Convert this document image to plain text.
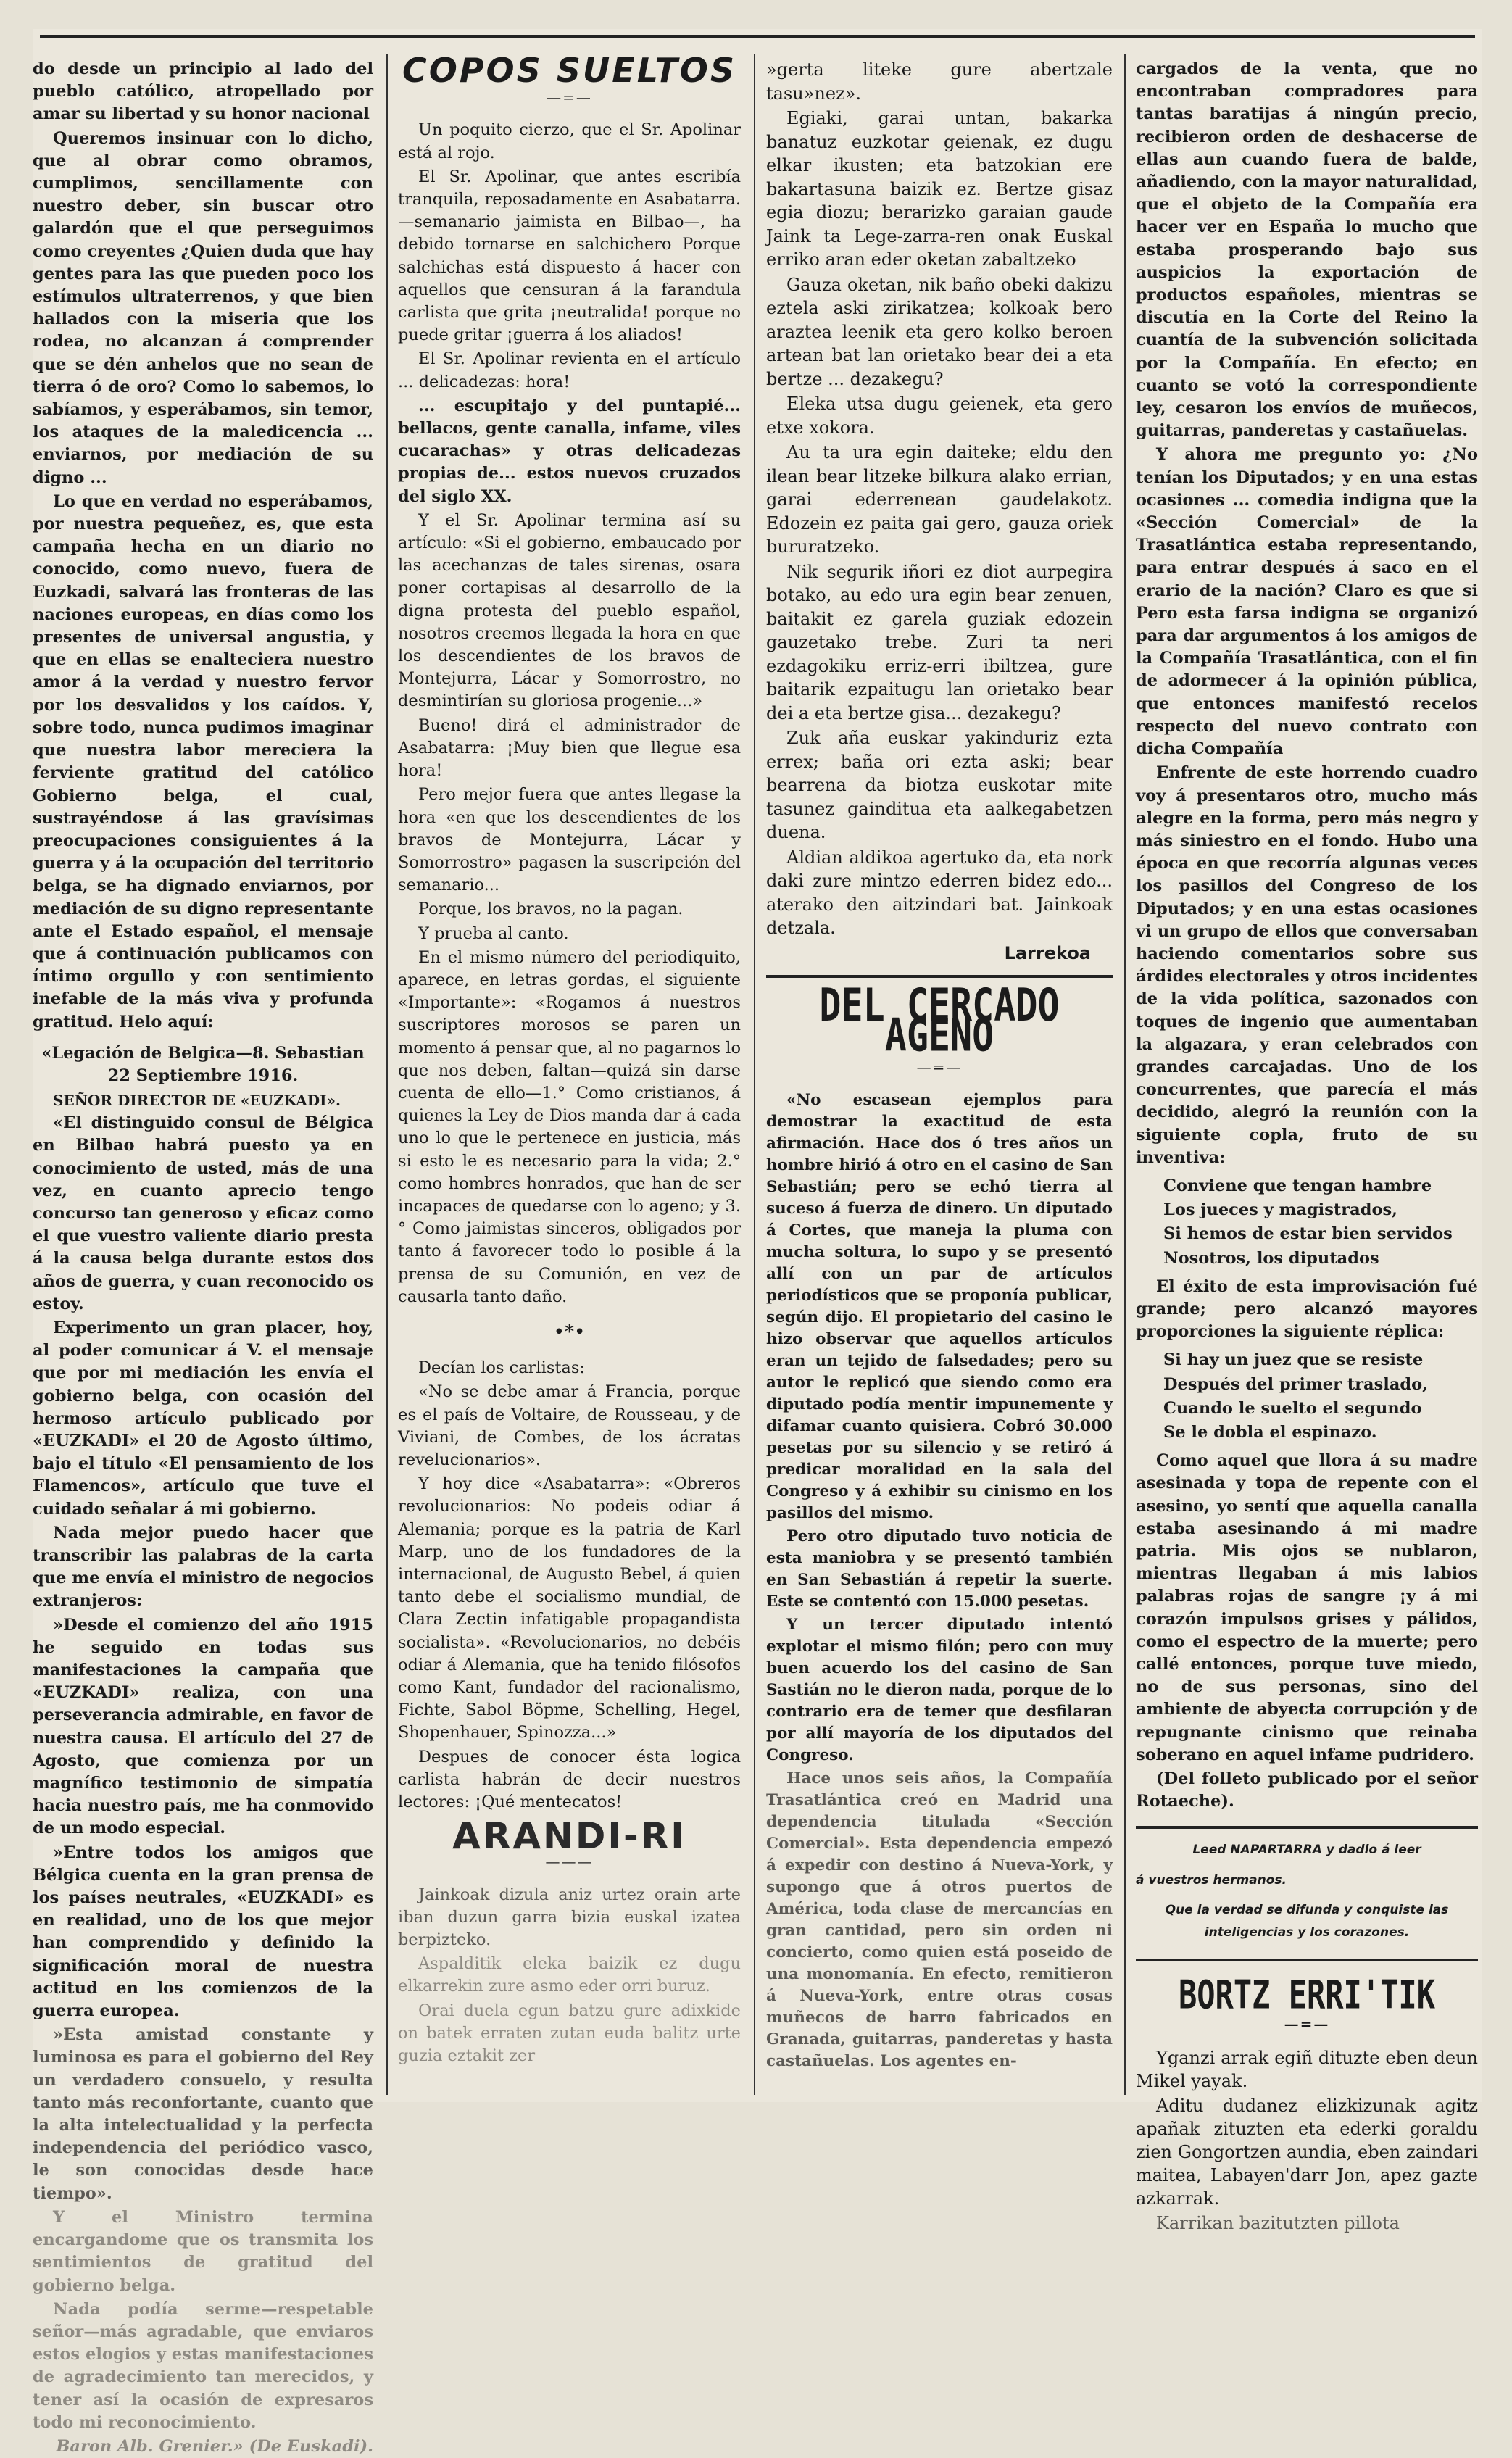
do desde un principio al lado del pueblo católico, atropellado por amar su libertad y su honor nacional

Queremos insinuar con lo dicho, que al obrar como obramos, cumplimos, sencillamente con nuestro deber, sin buscar otro galardón que el que perseguimos como creyentes ¿Quien duda que hay gentes para las que pueden poco los estímulos ultraterrenos, y que bien hallados con la miseria que los rodea, no alcanzan á comprender que se dén anhelos que no sean de tierra ó de oro? Como lo sabemos, lo sabíamos, y esperábamos, sin temor, los ataques de la maledicencia ... enviarnos, por mediación de su digno ...

Lo que en verdad no esperábamos, por nuestra pequeñez, es, que esta campaña hecha en un diario no conocido, como nuevo, fuera de Euzkadi, salvará las fronteras de las naciones europeas, en días como los presentes de universal angustia, y que en ellas se enalteciera nuestro amor á la verdad y nuestro fervor por los desvalidos y los caídos. Y, sobre todo, nunca pudimos imaginar que nuestra labor mereciera la ferviente gratitud del católico Gobierno belga, el cual, sustrayéndose á las gravísimas preocupaciones consiguientes á la guerra y á la ocupación del territorio belga, se ha dignado enviarnos, por mediación de su digno representante ante el Estado español, el mensaje que á continuación publicamos con íntimo orgullo y con sentimiento inefable de la más viva y profunda gratitud. Helo aquí:

«Legación de Belgica—8. Sebastian 22 Septiembre 1916.

SEÑOR DIRECTOR DE «EUZKADI».

«El distinguido consul de Bélgica en Bilbao habrá puesto ya en conocimiento de usted, más de una vez, en cuanto aprecio tengo concurso tan generoso y eficaz como el que vuestro valiente diario presta á la causa belga durante estos dos años de guerra, y cuan reconocido os estoy.

Experimento un gran placer, hoy, al poder comunicar á V. el mensaje que por mi mediación les envía el gobierno belga, con ocasión del hermoso artículo publicado por «EUZKADI» el 20 de Agosto último, bajo el título «El pensamiento de los Flamencos», artículo que tuve el cuidado señalar á mi gobierno.

Nada mejor puedo hacer que transcribir las palabras de la carta que me envía el ministro de negocios extranjeros:

»Desde el comienzo del año 1915 he seguido en todas sus manifestaciones la campaña que «EUZKADI» realiza, con una perseverancia admirable, en favor de nuestra causa. El artículo del 27 de Agosto, que comienza por un magnífico testimonio de simpatía hacia nuestro país, me ha conmovido de un modo especial.

»Entre todos los amigos que Bélgica cuenta en la gran prensa de los países neutrales, «EUZKADI» es en realidad, uno de los que mejor han comprendido y definido la significación moral de nuestra actitud en los comienzos de la guerra europea.

»Esta amistad constante y luminosa es para el gobierno del Rey un verdadero consuelo, y resulta tanto más reconfortante, cuanto que la alta intelectualidad y la perfecta independencia del periódico vasco, le son conocidas desde hace tiempo».

Y el Ministro termina encargandome que os transmita los sentimientos de gratitud del gobierno belga.

Nada podía serme—respetable señor—más agradable, que enviaros estos elogios y estas manifestaciones de agradecimiento tan merecidos, y tener así la ocasión de expresaros todo mi reconocimiento.

Baron Alb. Grenier.» (De Euskadi).

COPOS SUELTOS

—=—

Un poquito cierzo, que el Sr. Apolinar está al rojo.

El Sr. Apolinar, que antes escribía tranquila, reposadamente en Asabatarra.—semanario jaimista en Bilbao—, ha debido tornarse en salchichero Porque salchichas está dispuesto á hacer con aquellos que censuran á la farandula carlista que grita ¡neutralida! porque no puede gritar ¡guerra á los aliados!

El Sr. Apolinar revienta en el artículo ... delicadezas: hora!

... escupitajo y del puntapié... bellacos, gente canalla, infame, viles cucarachas» y otras delicadezas propias de... estos nuevos cruzados del siglo XX.

Y el Sr. Apolinar termina así su artículo: «Si el gobierno, embaucado por las acechanzas de tales sirenas, osara poner cortapisas al desarrollo de la digna protesta del pueblo español, nosotros creemos llegada la hora en que los descendientes de los bravos de Montejurra, Lácar y Somorrostro, no desmintirían su gloriosa progenie...»

Bueno! dirá el administrador de Asabatarra: ¡Muy bien que llegue esa hora!

Pero mejor fuera que antes llegase la hora «en que los descendientes de los bravos de Montejurra, Lácar y Somorrostro» pagasen la suscripción del semanario...

Porque, los bravos, no la pagan.

Y prueba al canto.

En el mismo número del periodiquito, aparece, en letras gordas, el siguiente «Importante»: «Rogamos á nuestros suscriptores morosos se paren un momento á pensar que, al no pagarnos lo que nos deben, faltan—quizá sin darse cuenta de ello—1.° Como cristianos, á quienes la Ley de Dios manda dar á cada uno lo que le pertenece en justicia, más si esto le es necesario para la vida; 2.° como hombres honrados, que han de ser incapaces de quedarse con lo ageno; y 3.° Como jaimistas sinceros, obligados por tanto á favorecer todo lo posible á la prensa de su Comunión, en vez de causarla tanto daño.

•*•

Decían los carlistas:

«No se debe amar á Francia, porque es el país de Voltaire, de Rousseau, y de Viviani, de Combes, de los ácratas revelucionarios».

Y hoy dice «Asabatarra»: «Obreros revolucionarios: No podeis odiar á Alemania; porque es la patria de Karl Marp, uno de los fundadores de la internacional, de Augusto Bebel, á quien tanto debe el socialismo mundial, de Clara Zectin infatigable propagandista socialista». «Revolucionarios, no debéis odiar á Alemania, que ha tenido filósofos como Kant, fundador del racionalismo, Fichte, Sabol Böpme, Schelling, Hegel, Shopenhauer, Spinozza...»

Despues de conocer ésta logica carlista habrán de decir nuestros lectores: ¡Qué mentecatos!

ARANDI-RI

———

Jainkoak dizula aniz urtez orain arte iban duzun garra bizia euskal izatea berpizteko.

Aspalditik eleka baizik ez dugu elkarrekin zure asmo eder orri buruz.

Orai duela egun batzu gure adixkide on batek erraten zutan euda balitz urte guzia eztakit zer

»gerta liteke gure abertzale tasu»nez».

Egiaki, garai untan, bakarka banatuz euzkotar geienak, ez dugu elkar ikusten; eta batzokian ere bakartasuna baizik ez. Bertze gisaz egia diozu; berarizko garaian gaude Jaink ta Lege-zarra-ren onak Euskal erriko aran eder oketan zabaltzeko

Gauza oketan, nik baño obeki dakizu eztela aski zirikatzea; kolkoak bero araztea leenik eta gero kolko beroen artean bat lan orietako bear dei a eta bertze ... dezakegu?

Eleka utsa dugu geienek, eta gero etxe xokora.

Au ta ura egin daiteke; eldu den ilean bear litzeke bilkura alako errian, garai ederrenean gaudelakotz. Edozein ez paita gai gero, gauza oriek bururatzeko.

Nik segurik iñori ez diot aurpegira botako, au edo ura egin bear zenuen, baitakit ez garela guziak edozein gauzetako trebe. Zuri ta neri ezdagokiku erriz-erri ibiltzea, gure baitarik ezpaitugu lan orietako bear dei a eta bertze gisa... dezakegu?

Zuk aña euskar yakinduriz ezta errex; baña ori ezta aski; bear bearrena da biotza euskotar mite tasunez gainditua eta aalkegabetzen duena.

Aldian aldikoa agertuko da, eta nork daki zure mintzo ederren bidez edo... aterako den aitzindari bat. Jainkoak detzala.

Larrekoa

DEL CERCADO AGENO

—=—

«No escasean ejemplos para demostrar la exactitud de esta afirmación. Hace dos ó tres años un hombre hirió á otro en el casino de San Sebastián; pero se echó tierra al suceso á fuerza de dinero. Un diputado á Cortes, que maneja la pluma con mucha soltura, lo supo y se presentó allí con un par de artículos periodísticos que se proponía publicar, según dijo. El propietario del casino le hizo observar que aquellos artículos eran un tejido de falsedades; pero su autor le replicó que siendo como era diputado podía mentir impunemente y difamar cuanto quisiera. Cobró 30.000 pesetas por su silencio y se retiró á predicar moralidad en la sala del Congreso y á exhibir su cinismo en los pasillos del mismo.

Pero otro diputado tuvo noticia de esta maniobra y se presentó también en San Sebastián á repetir la suerte. Este se contentó con 15.000 pesetas.

Y un tercer diputado intentó explotar el mismo filón; pero con muy buen acuerdo los del casino de San Sastián no le dieron nada, porque de lo contrario era de temer que desfilaran por allí mayoría de los diputados del Congreso.

Hace unos seis años, la Compañía Trasatlántica creó en Madrid una dependencia titulada «Sección Comercial». Esta dependencia empezó á expedir con destino á Nueva-York, y supongo que á otros puertos de América, toda clase de mercancías en gran cantidad, pero sin orden ni concierto, como quien está poseido de una monomanía. En efecto, remitieron á Nueva-York, entre otras cosas muñecos de barro fabricados en Granada, guitarras, panderetas y hasta castañuelas. Los agentes en-

cargados de la venta, que no encontraban compradores para tantas baratijas á ningún precio, recibieron orden de deshacerse de ellas aun cuando fuera de balde, añadiendo, con la mayor naturalidad, que el objeto de la Compañía era hacer ver en España lo mucho que estaba prosperando bajo sus auspicios la exportación de productos españoles, mientras se discutía en la Corte del Reino la cuantía de la subvención solicitada por la Compañía. En efecto; en cuanto se votó la correspondiente ley, cesaron los envíos de muñecos, guitarras, panderetas y castañuelas.

Y ahora me pregunto yo: ¿No tenían los Diputados; y en una estas ocasiones ... comedia indigna que la «Sección Comercial» de la Trasatlántica estaba representando, para entrar después á saco en el erario de la nación? Claro es que si Pero esta farsa indigna se organizó para dar argumentos á los amigos de la Compañía Trasatlántica, con el fin de adormecer á la opinión pública, que entonces manifestó recelos respecto del nuevo contrato con dicha Compañía

Enfrente de este horrendo cuadro voy á presentaros otro, mucho más alegre en la forma, pero más negro y más siniestro en el fondo. Hubo una época en que recorría algunas veces los pasillos del Congreso de los Diputados; y en una estas ocasiones vi un grupo de ellos que conversaban haciendo comentarios sobre sus árdides electorales y otros incidentes de la vida política, sazonados con toques de ingenio que aumentaban la algazara, y eran celebrados con grandes carcajadas. Uno de los concurrentes, que parecía el más decidido, alegró la reunión con la siguiente copla, fruto de su inventiva:

Conviene que tengan hambre

Los jueces y magistrados,

Si hemos de estar bien servidos

Nosotros, los diputados

El éxito de esta improvisación fué grande; pero alcanzó mayores proporciones la siguiente réplica:

Si hay un juez que se resiste

Después del primer traslado,

Cuando le suelto el segundo

Se le dobla el espinazo.

Como aquel que llora á su madre asesinada y topa de repente con el asesino, yo sentí que aquella canalla estaba asesinando á mi madre patria. Mis ojos se nublaron, mientras llegaban á mis labios palabras rojas de sangre ¡y á mi corazón impulsos grises y pálidos, como el espectro de la muerte; pero callé entonces, porque tuve miedo, no de sus personas, sino del ambiente de abyecta corrupción y de repugnante cinismo que reinaba soberano en aquel infame pudridero.

(Del folleto publicado por el señor Rotaeche).

Leed NAPARTARRA y dadlo á leer

á vuestros hermanos.

Que la verdad se difunda y conquiste las inteligencias y los corazones.

BORTZ ERRI'TIK

—=—

Yganzi arrak egiñ dituzte eben deun Mikel yayak.

Aditu dudanez elizkizunak agitz apañak zituzten eta ederki goraldu zien Gongortzen aundia, eben zaindari maitea, Labayen'darr Jon, apez gazte azkarrak.

Karrikan bazitutzten pillota
